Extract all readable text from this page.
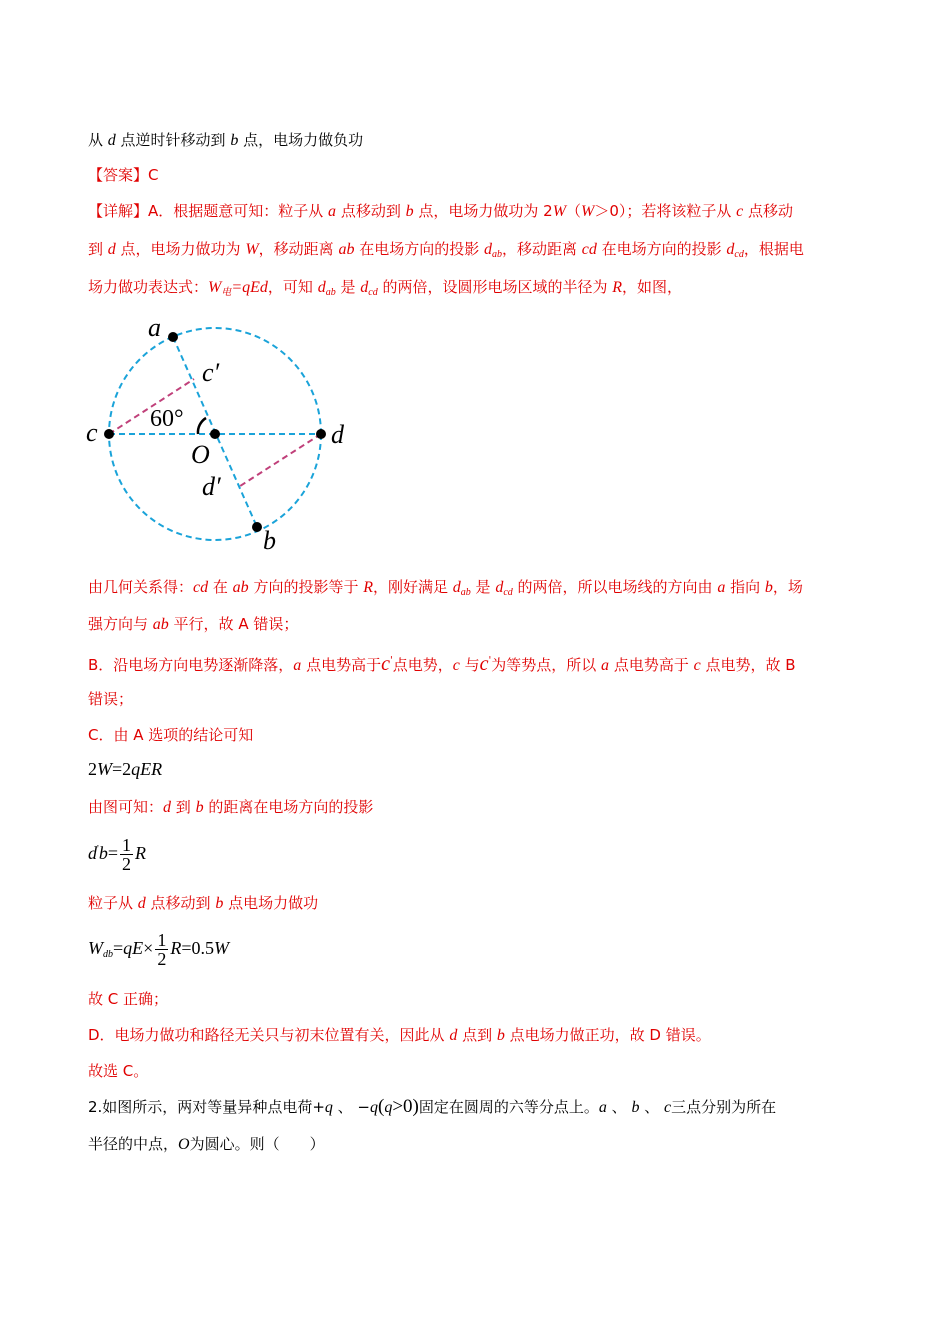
从 d 点逆时针移动到 b 点，电场力做负功
【答案】C
【详解】A．根据题意可知：粒子从 a 点移动到 b 点，电场力做功为 2W（W＞0）；若将该粒子从 c 点移动
到 d 点，电场力做功为 W，移动距离 ab 在电场方向的投影 $d_{ab}$，移动距离 cd 在电场方向的投影 $d_{cd}$，根据电
场力做功表达式：$W_电=qEd$，可知 $d_{ab}$ 是 $d_{cd}$ 的两倍，设圆形电场区域的半径为 R，如图，
a
b
c	d
O
c′
d′
60°
由几何关系得：cd 在 ab 方向的投影等于 R，刚好满足 $d_{ab}$ 是 $d_{cd}$ 的两倍，所以电场线的方向由 a 指向 b，场
强方向与 ab 平行，故 A 错误；
B．沿电场方向电势逐渐降落，a 点电势高于c'点电势，c 与c'为等势点，所以 a 点电势高于 c 点电势，故 B
错误；
C．由 A 选项的结论可知
2W=2qER
由图可知：d 到 b 的距离在电场方向的投影
$d'b= \frac{1}{2}$ R
粒子从 d 点移动到 b 点电场力做功
$W_{db}=qE\times \frac{1}{2} R=0.5W$
故 C 正确；
D．电场力做功和路径无关只与初末位置有关，因此从 d 点到 b 点电场力做正功，故 D 错误。
故选 C。
2.如图所示，两对等量异种点电荷+q 、 −q(q>0)固定在圆周的六等分点上。a 、 b 、 c三点分别为所在
半径的中点，O为圆心。则（　　）
